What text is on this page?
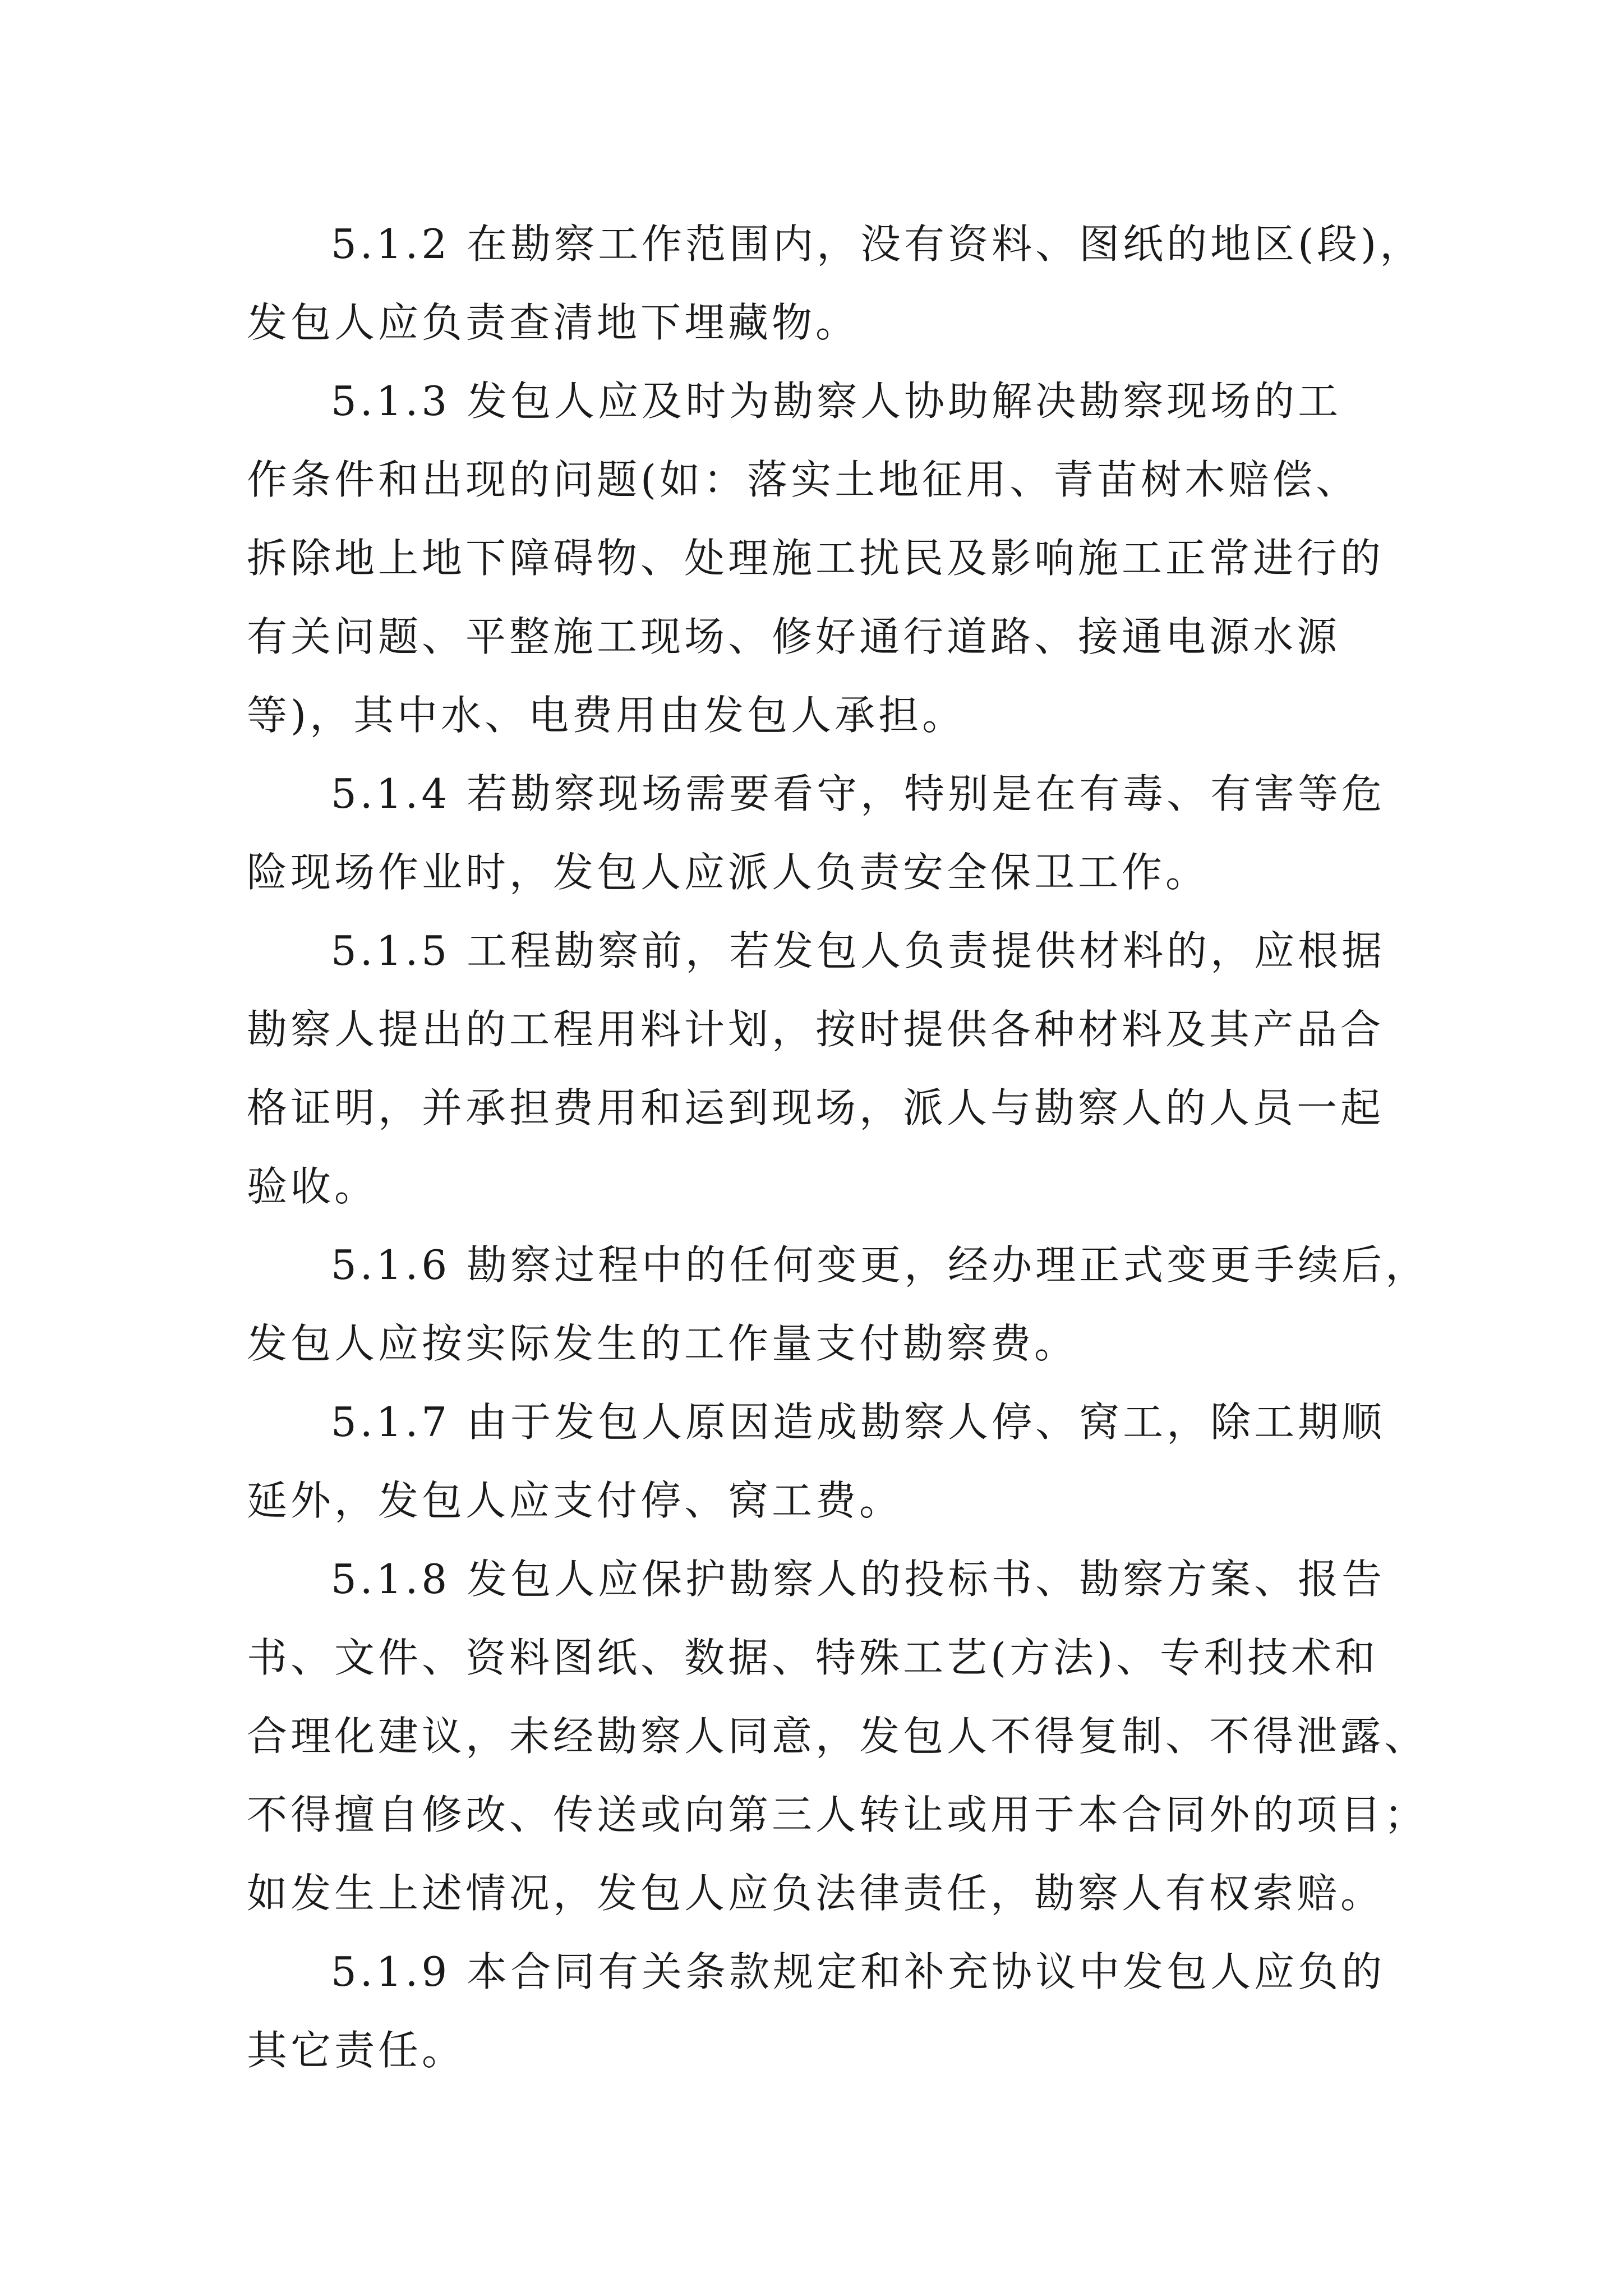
5.1.2 在勘察工作范围内，没有资料、图纸的地区(段)，
发包人应负责查清地下埋藏物。
5.1.3 发包人应及时为勘察人协助解决勘察现场的工
作条件和出现的问题(如：落实土地征用、青苗树木赔偿、
拆除地上地下障碍物、处理施工扰民及影响施工正常进行的
有关问题、平整施工现场、修好通行道路、接通电源水源
等)，其中水、电费用由发包人承担。
5.1.4 若勘察现场需要看守，特别是在有毒、有害等危
险现场作业时，发包人应派人负责安全保卫工作。
5.1.5 工程勘察前，若发包人负责提供材料的，应根据
勘察人提出的工程用料计划，按时提供各种材料及其产品合
格证明，并承担费用和运到现场，派人与勘察人的人员一起
验收。
5.1.6 勘察过程中的任何变更，经办理正式变更手续后，
发包人应按实际发生的工作量支付勘察费。
5.1.7 由于发包人原因造成勘察人停、窝工，除工期顺
延外，发包人应支付停、窝工费。
5.1.8 发包人应保护勘察人的投标书、勘察方案、报告
书、文件、资料图纸、数据、特殊工艺(方法)、专利技术和
合理化建议，未经勘察人同意，发包人不得复制、不得泄露、
不得擅自修改、传送或向第三人转让或用于本合同外的项目；
如发生上述情况，发包人应负法律责任，勘察人有权索赔。
5.1.9 本合同有关条款规定和补充协议中发包人应负的
其它责任。
